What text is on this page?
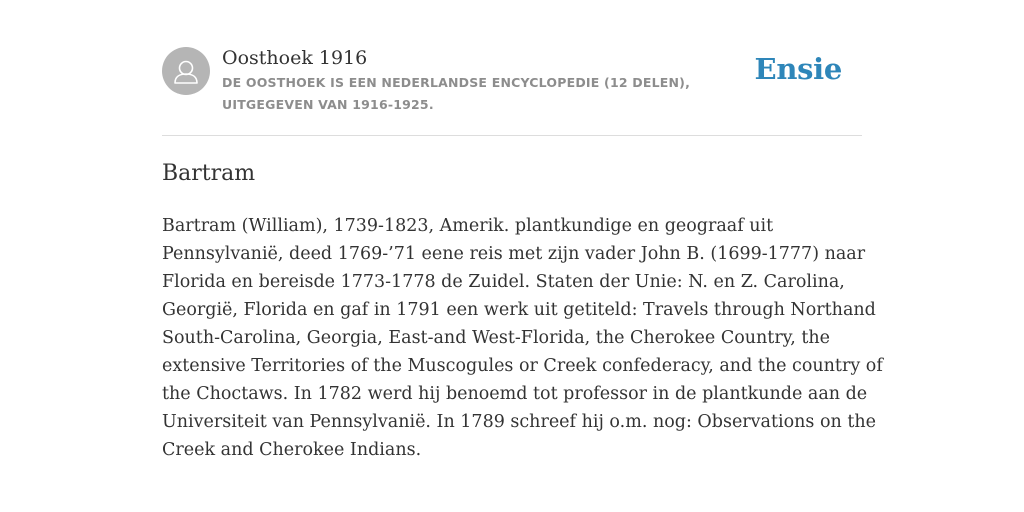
Oosthoek 1916
DE OOSTHOEK IS EEN NEDERLANDSE ENCYCLOPEDIE (12 DELEN), UITGEGEVEN VAN 1916-1925.
Ensie
Bartram
Bartram (William), 1739-1823, Amerik. plantkundige en geograaf uit
Pennsylvanië, deed 1769-’71 eene reis met zijn vader John B. (1699-1777) naar
Florida en bereisde 1773-1778 de Zuidel. Staten der Unie: N. en Z. Carolina,
Georgië, Florida en gaf in 1791 een werk uit getiteld: Travels through Northand
South-Carolina, Georgia, East-and West-Florida, the Cherokee Country, the
extensive Territories of the Muscogules or Creek confederacy, and the country of
the Choctaws. In 1782 werd hij benoemd tot professor in de plantkunde aan de
Universiteit van Pennsylvanië. In 1789 schreef hij o.m. nog: Observations on the
Creek and Cherokee Indians.
